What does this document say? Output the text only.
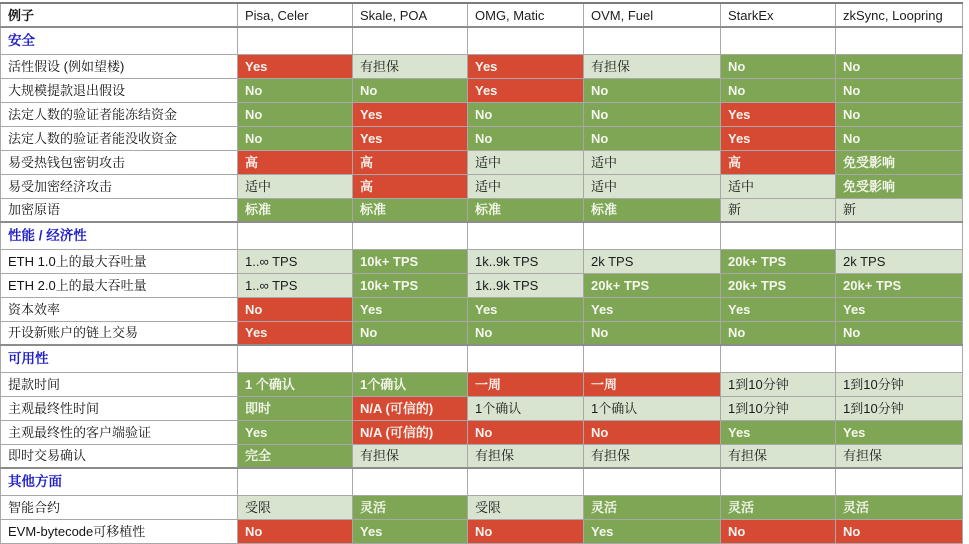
例子	Pisa, Celer	Skale, POA	OMG, Matic	OVM, Fuel	StarkEx	zkSync, Loopring
安全						
活性假设 (例如望楼)	Yes	有担保	Yes	有担保	No	No
大规模提款退出假设	No	No	Yes	No	No	No
法定人数的验证者能冻结资金	No	Yes	No	No	Yes	No
法定人数的验证者能没收资金	No	Yes	No	No	Yes	No
易受热钱包密钥攻击	高	高	适中	适中	高	免受影响
易受加密经济攻击	适中	高	适中	适中	适中	免受影响
加密原语	标准	标准	标准	标准	新	新
性能 / 经济性						
ETH 1.0上的最大吞吐量	1..∞ TPS	10k+ TPS	1k..9k TPS	2k TPS	20k+ TPS	2k TPS
ETH 2.0上的最大吞吐量	1..∞ TPS	10k+ TPS	1k..9k TPS	20k+ TPS	20k+ TPS	20k+ TPS
资本效率	No	Yes	Yes	Yes	Yes	Yes
开设新账户的链上交易	Yes	No	No	No	No	No
可用性						
提款时间	1 个确认	1个确认	一周	一周	1到10分钟	1到10分钟
主观最终性时间	即时	N/A (可信的)	1个确认	1个确认	1到10分钟	1到10分钟
主观最终性的客户端验证	Yes	N/A (可信的)	No	No	Yes	Yes
即时交易确认	完全	有担保	有担保	有担保	有担保	有担保
其他方面						
智能合约	受限	灵活	受限	灵活	灵活	灵活
EVM-bytecode可移植性	No	Yes	No	Yes	No	No
